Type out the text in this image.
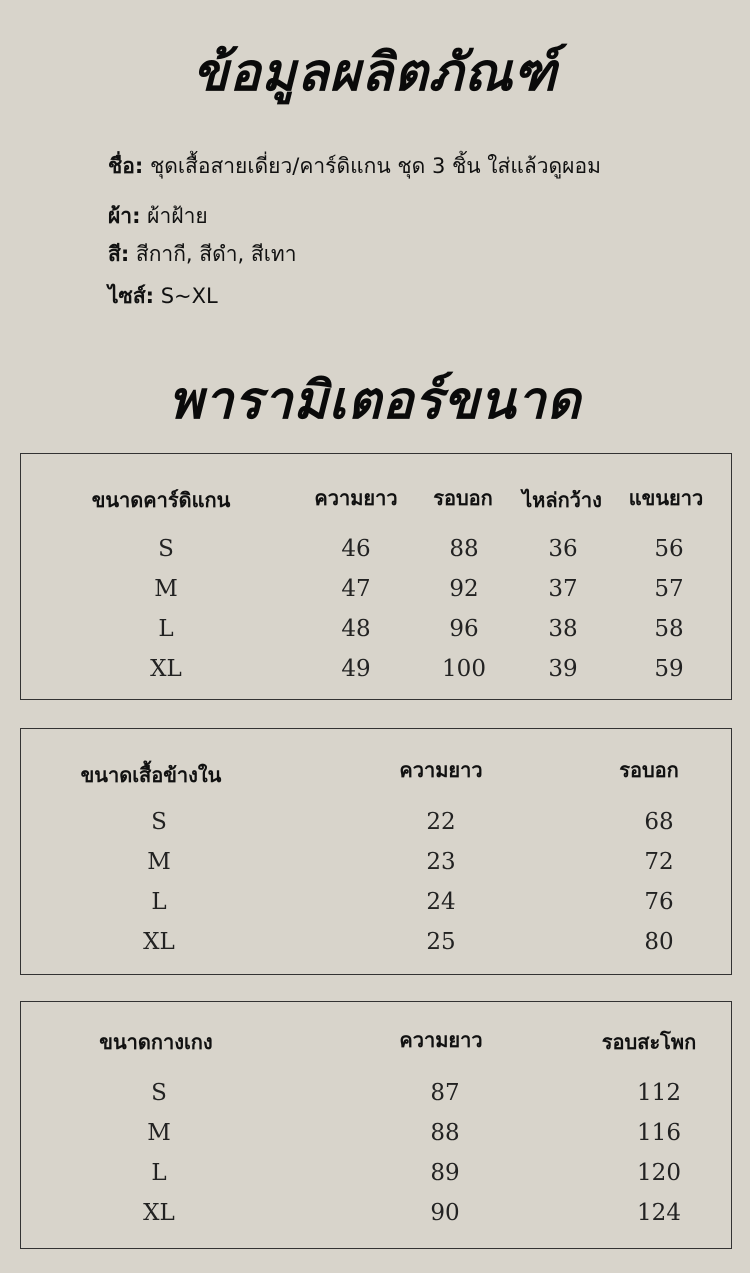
ข้อมูลผลิตภัณฑ์
ชื่อ: ชุดเสื้อสายเดี่ยว/คาร์ดิแกน ชุด 3 ชิ้น ใส่แล้วดูผอม
ผ้า: ผ้าฝ้าย
สี: สีกากี, สีดำ, สีเทา
ไซส์: S~XL
พารามิเตอร์ขนาด
ขนาดคาร์ดิแกน	ความยาว	รอบอก	ไหล่กว้าง	แขนยาว
S	46	88	36	56
M	47	92	37	57
L	48	96	38	58
XL	49	100	39	59
ขนาดเสื้อข้างใน	ความยาว	รอบอก
S	22	68
M	23	72
L	24	76
XL	25	80
ขนาดกางเกง	ความยาว	รอบสะโพก
S	87	112
M	88	116
L	89	120
XL	90	124
